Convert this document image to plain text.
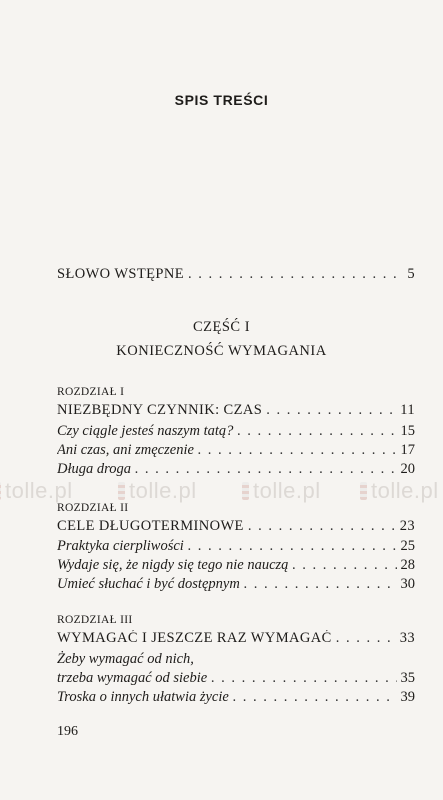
SPIS TREŚCI
SŁOWO WSTĘPNE . . .	5
CZĘŚĆ I
KONIECZNOŚĆ WYMAGANIA
ROZDZIAŁ I
NIEZBĘDNY CZYNNIK: CZAS . . .	11
Czy ciągle jesteś naszym tatą? . . .	15
Ani czas, ani zmęczenie . . .	17
Długa droga . . .	20
tolle.pl	tolle.pl	tolle.pl	tolle.pl
ROZDZIAŁ II
CELE DŁUGOTERMINOWE . . .	23
Praktyka cierpliwości . . .	25
Wydaje się, że nigdy się tego nie nauczą . . .	28
Umieć słuchać i być dostępnym . . .	30
ROZDZIAŁ III
WYMAGAĆ I JESZCZE RAZ WYMAGAĆ . . .	33
Żeby wymagać od nich,
trzeba wymagać od siebie . . .	35
Troska o innych ułatwia życie . . .	39
196
